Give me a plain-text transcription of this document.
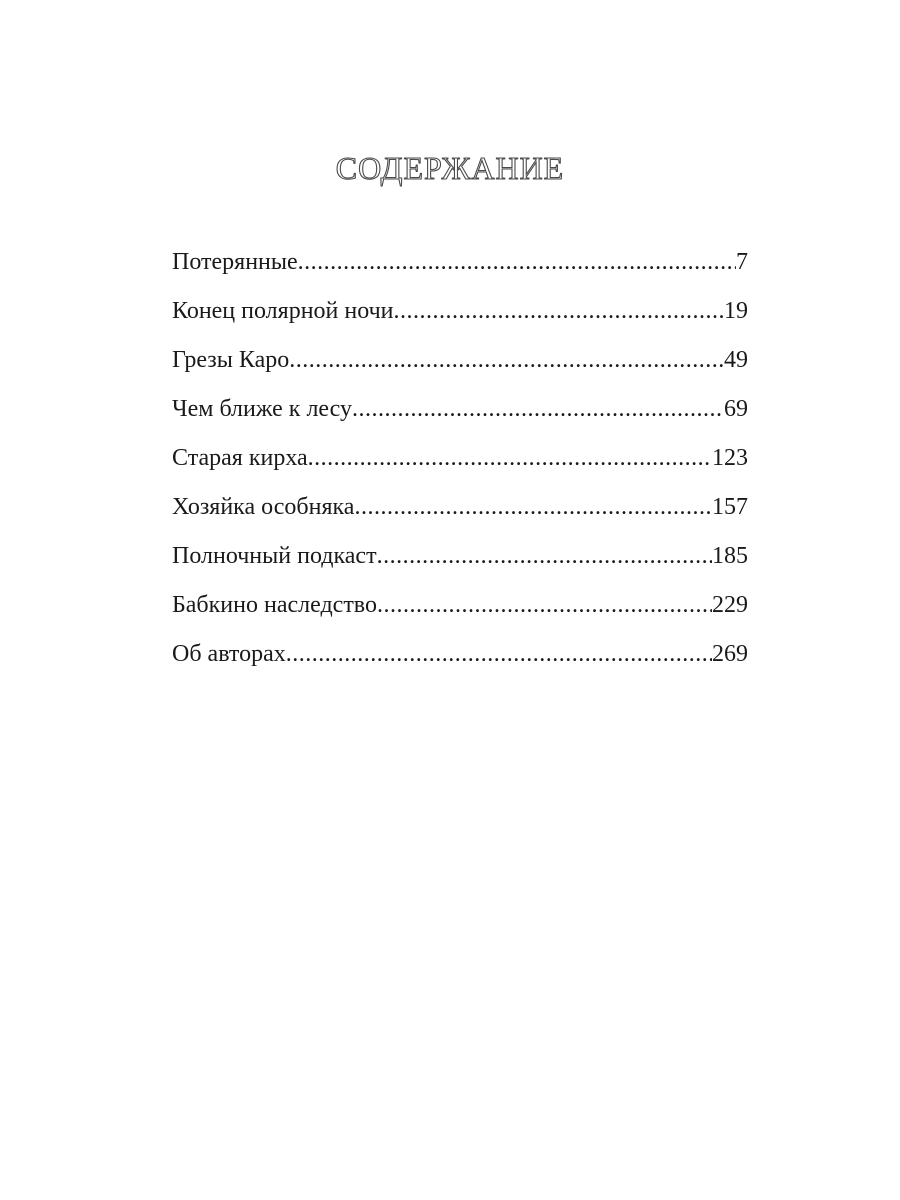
СОДЕРЖАНИЕ
Потерянные .....	7
Конец полярной ночи .....	19
Грезы Каро .....	49
Чем ближе к лесу .....	69
Старая кирха .....	123
Хозяйка особняка .....	157
Полночный подкаст .....	185
Бабкино наследство .....	229
Об авторах .....	269
